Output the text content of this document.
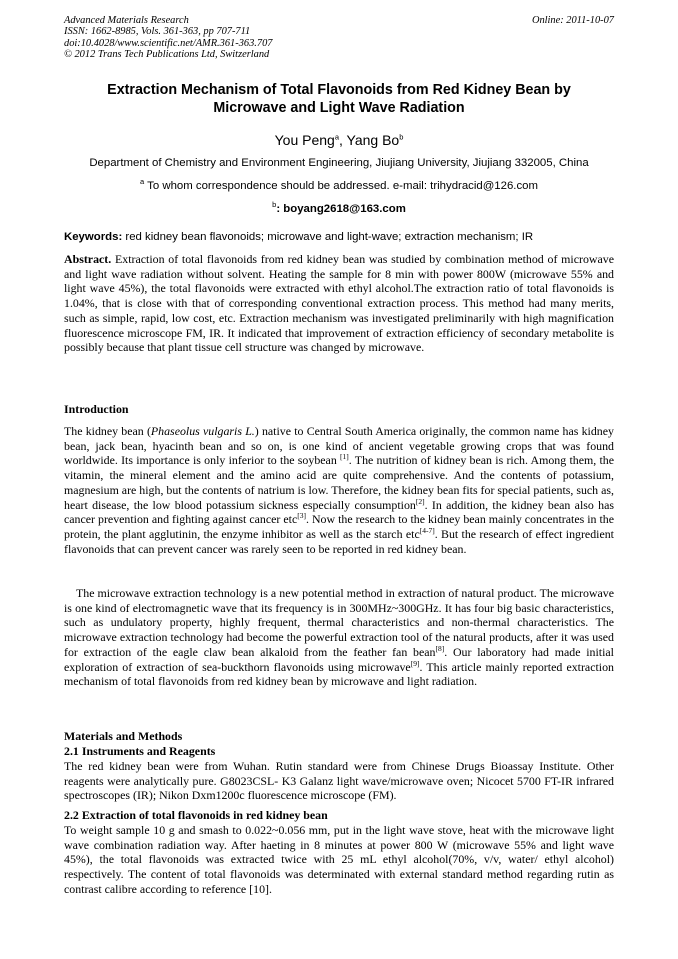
Advanced Materials Research
ISSN: 1662-8985, Vols. 361-363, pp 707-711
doi:10.4028/www.scientific.net/AMR.361-363.707
© 2012 Trans Tech Publications Ltd, Switzerland
Online: 2011-10-07
Extraction Mechanism of Total Flavonoids from Red Kidney Bean by
Microwave and Light Wave Radiation
You Peng$^a$, Yang Bo$^b$
Department of Chemistry and Environment Engineering, Jiujiang University, Jiujiang 332005, China
$^a$ To whom correspondence should be addressed. e-mail: trihydracid@126.com
$^b$: boyang2618@163.com
Keywords: red kidney bean flavonoids; microwave and light-wave; extraction mechanism; IR
Abstract. Extraction of total flavonoids from red kidney bean was studied by combination method of microwave and light wave radiation without solvent. Heating the sample for 8 min with power 800W (microwave 55% and light wave 45%), the total flavonoids were extracted with ethyl alcohol.The extraction ratio of total flavonoids is 1.04%, that is close with that of corresponding conventional extraction process. This method had many merits, such as simple, rapid, low cost, etc. Extraction mechanism was investigated preliminarily with high magnification fluorescence microscope FM, IR. It indicated that improvement of extraction efficiency of secondary metabolite is possibly because that plant tissue cell structure was changed by microwave.
Introduction
The kidney bean (Phaseolus vulgaris L.) native to Central South America originally, the common name has kidney bean, jack bean, hyacinth bean and so on, is one kind of ancient vegetable growing crops that was found worldwide. Its importance is only inferior to the soybean [1]. The nutrition of kidney bean is rich. Among them, the vitamin, the mineral element and the amino acid are quite comprehensive. And the contents of potassium, magnesium are high, but the contents of natrium is low. Therefore, the kidney bean fits for special patients, such as, heart disease, the low blood potassium sickness especially consumption[2]. In addition, the kidney bean also has cancer prevention and fighting against cancer etc[3]. Now the research to the kidney bean mainly concentrates in the protein, the plant agglutinin, the enzyme inhibitor as well as the starch etc[4-7]. But the research of effect ingredient flavonoids that can prevent cancer was rarely seen to be reported in red kidney bean.
The microwave extraction technology is a new potential method in extraction of natural product. The microwave is one kind of electromagnetic wave that its frequency is in 300MHz~300GHz. It has four big basic characteristics, such as undulatory property, highly frequent, thermal characteristics and non-thermal characteristics. The microwave extraction technology had become the powerful extraction tool of the natural products, after it was used for extraction of the eagle claw bean alkaloid from the feather fan bean[8]. Our laboratory had made initial exploration of extraction of sea-buckthorn flavonoids using microwave[9]. This article mainly reported extraction mechanism of total flavonoids from red kidney bean by microwave and light radiation.
Materials and Methods
2.1 Instruments and Reagents
The red kidney bean were from Wuhan. Rutin standard were from Chinese Drugs Bioassay Institute. Other reagents were analytically pure. G8023CSL- K3 Galanz light wave/microwave oven; Nicocet 5700 FT-IR infrared spectroscopes (IR); Nikon Dxm1200c fluorescence microscope (FM).
2.2 Extraction of total flavonoids in red kidney bean
To weight sample 10 g and smash to 0.022~0.056 mm, put in the light wave stove, heat with the microwave light wave combination radiation way. After haeting in 8 minutes at power 800 W (microwave 55% and light wave 45%), the total flavonoids was extracted twice with 25 mL ethyl alcohol(70%, v/v, water/ ethyl alcohol) respectively. The content of total flavonoids was determinated with external standard method regarding rutin as contrast calibre according to reference [10].
